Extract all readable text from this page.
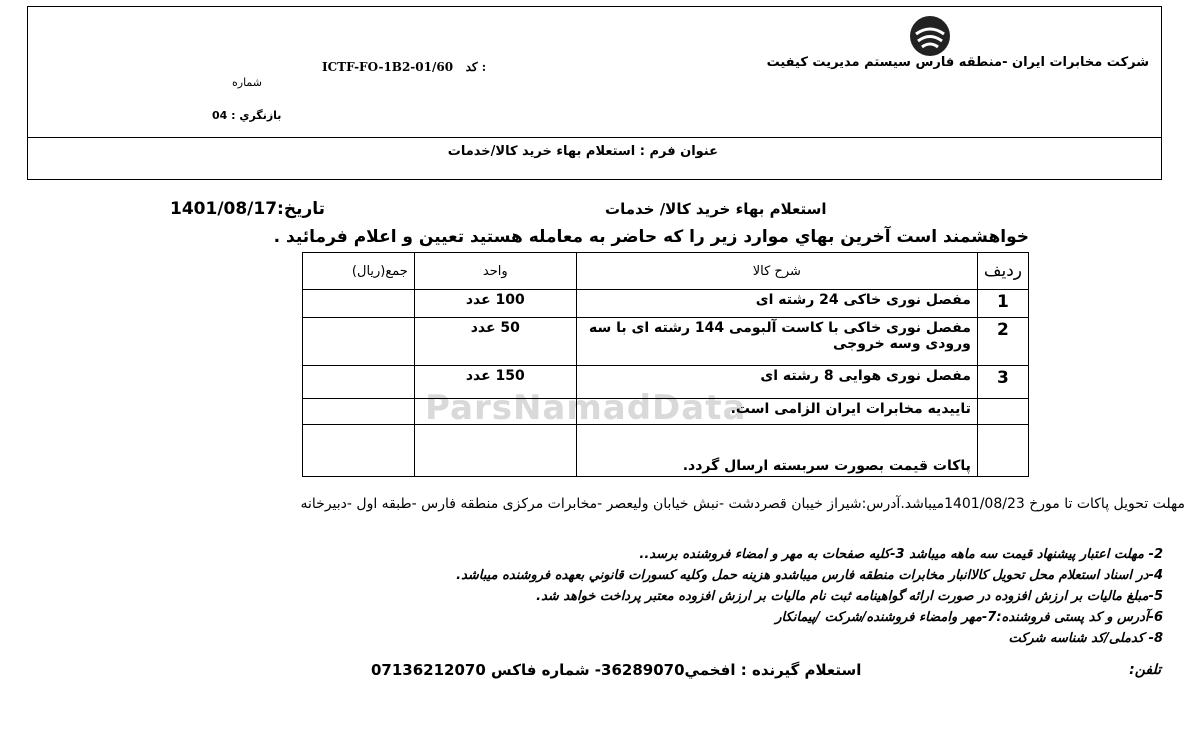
شرکت مخابرات ایران -منطقه فارس سیستم مدیریت کیفیت
ICTF-FO-1B2-01/60 کد :
شماره
بازنگري : 04
عنوان فرم : استعلام بهاء خريد کالا/خدمات
ParsNamadData
استعلام بهاء خريد کالا/ خدمات
تاريخ:1401/08/17
خواهشمند است آخرين بهاي موارد زير را که حاضر به معامله هستيد تعيين و اعلام فرمائيد .
رديف	شرح کالا	واحد	جمع(ريال)
1	مفصل نوری خاکی 24 رشته ای	100 عدد	
2	مفصل نوری خاکی با کاست آلبومی 144 رشته ای با سه ورودی وسه خروجی	50 عدد	
3	مفصل نوری هوایی 8 رشته ای	150 عدد	
	تاییدیه مخابرات ایران الزامی است.		
	پاکات قیمت بصورت سربسته ارسال گردد.		
مهلت تحويل پاكات تا مورخ 1401/08/23ميباشد.آدرس:شيراز خيبان قصردشت -نبش خيابان وليعصر -مخابرات مركزى منطقه فارس -طبقه اول -دبيرخانه
2- مهلت اعتبار پيشنهاد قيمت سه ماهه ميباشد 3-كليه صفحات به مهر و امضاء فروشنده برسد..
4-در اسناد استعلام محل تحويل کالاانبار مخابرات منطقه فارس ميباشدو هزينه حمل وكليه كسورات قانوني بعهده فروشنده ميباشد.
5-مبلغ ماليات بر ارزش افزوده در صورت ارائه گواهينامه ثبت نام ماليات بر ارزش افزوده معتبر پرداخت خواهد شد.
6-آدرس و کد پستی فروشنده:7-مهر وامضاء فروشنده/شركت /پيمانكار
8- کدملی/کد شناسه شرکت
استعلام گيرنده : افخمي36289070- شماره فاكس 07136212070	تلفن:
